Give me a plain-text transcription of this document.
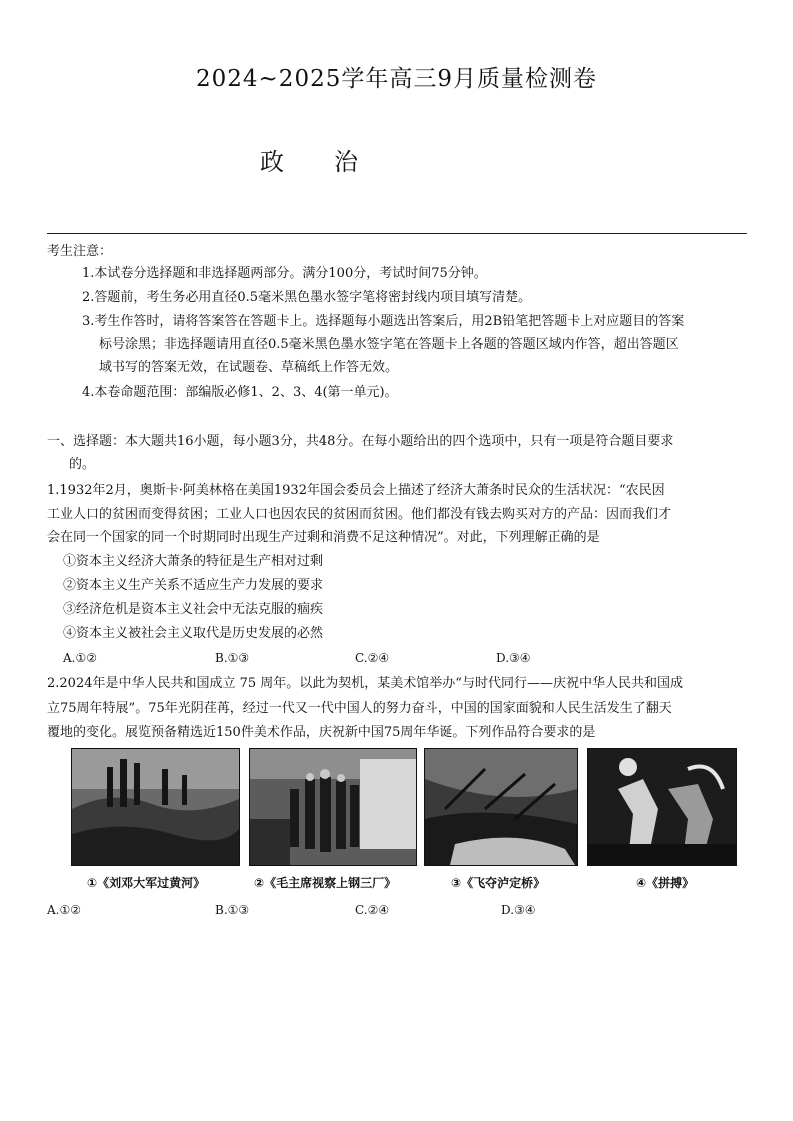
2024~2025学年高三9月质量检测卷
政治
考生注意：
1.本试卷分选择题和非选择题两部分。满分100分，考试时间75分钟。
2.答题前，考生务必用直径0.5毫米黑色墨水签字笔将密封线内项目填写清楚。
3.考生作答时，请将答案答在答题卡上。选择题每小题选出答案后，用2B铅笔把答题卡上对应题目的答案
标号涂黑；非选择题请用直径0.5毫米黑色墨水签字笔在答题卡上各题的答题区域内作答，超出答题区
域书写的答案无效，在试题卷、草稿纸上作答无效。
4.本卷命题范围：部编版必修1、2、3、4(第一单元)。
一、选择题：本大题共16小题，每小题3分，共48分。在每小题给出的四个选项中，只有一项是符合题目要求
的。
1.1932年2月，奥斯卡·阿美林格在美国1932年国会委员会上描述了经济大萧条时民众的生活状况：“农民因
工业人口的贫困而变得贫困；工业人口也因农民的贫困而贫困。他们都没有钱去购买对方的产品：因而我们才
会在同一个国家的同一个时期同时出现生产过剩和消费不足这种情况”。对此，下列理解正确的是
①资本主义经济大萧条的特征是生产相对过剩
②资本主义生产关系不适应生产力发展的要求
③经济危机是资本主义社会中无法克服的痼疾
④资本主义被社会主义取代是历史发展的必然
A.①②	B.①③	C.②④	D.③④
2.2024年是中华人民共和国成立 75 周年。以此为契机，某美术馆举办“与时代同行——庆祝中华人民共和国成
立75周年特展”。75年光阴荏苒，经过一代又一代中国人的努力奋斗，中国的国家面貌和人民生活发生了翻天
覆地的变化。展览预备精选近150件美术作品，庆祝新中国75周年华诞。下列作品符合要求的是
①《刘邓大军过黄河》	②《毛主席视察上钢三厂》	③《飞夺泸定桥》	④《拼搏》
A.①②	B.①③	C.②④	D.③④
